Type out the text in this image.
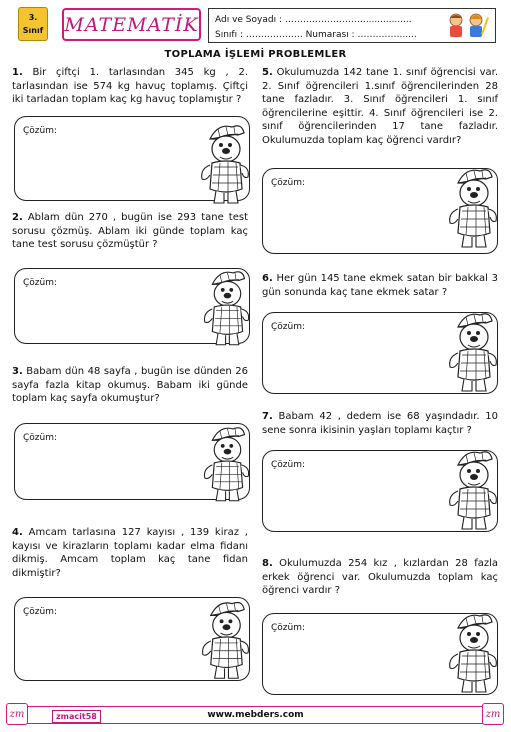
3.
Sınıf MATEMATİK Adı ve Soyadı : ………………………................
Sınıfı : ………………. Numarası : …………….....
TOPLAMA İŞLEMİ PROBLEMLER
1. Bir çiftçi 1. tarlasından 345 kg , 2. tarlasından ise 574 kg havuç toplamış. Çiftçi iki tarladan toplam kaç kg havuç toplamıştır ?
Çözüm:
2. Ablam dün 270 , bugün ise 293 tane test sorusu çözmüş. Ablam iki günde toplam kaç tane test sorusu çözmüştür ?
Çözüm:
3. Babam dün 48 sayfa , bugün ise dünden 26 sayfa fazla kitap okumuş. Babam iki günde toplam kaç sayfa okumuştur?
Çözüm:
4. Amcam tarlasına 127 kayısı , 139 kiraz , kayısı ve kirazların toplamı kadar elma fidanı dikmiş. Amcam toplam kaç tane fidan dikmiştir?
Çözüm:
5. Okulumuzda 142 tane 1. sınıf öğrencisi var. 2. Sınıf öğrencileri 1.sınıf öğrencilerinden 28 tane fazladır. 3. Sınıf öğrencileri 1. sınıf öğrencilerine eşittir. 4. Sınıf öğrencileri ise 2. sınıf öğrencilerinden 17 tane fazladır. Okulumuzda toplam kaç öğrenci vardır?
Çözüm:
6. Her gün 145 tane ekmek satan bir bakkal 3 gün sonunda kaç tane ekmek satar ?
Çözüm:
7. Babam 42 , dedem ise 68 yaşındadır. 10 sene sonra ikisinin yaşları toplamı kaçtır ?
Çözüm:
8. Okulumuzda 254 kız , kızlardan 28 fazla erkek öğrenci var. Okulumuzda toplam kaç öğrenci vardır ?
Çözüm:
zm	zm
zmacit58	www.mebders.com
